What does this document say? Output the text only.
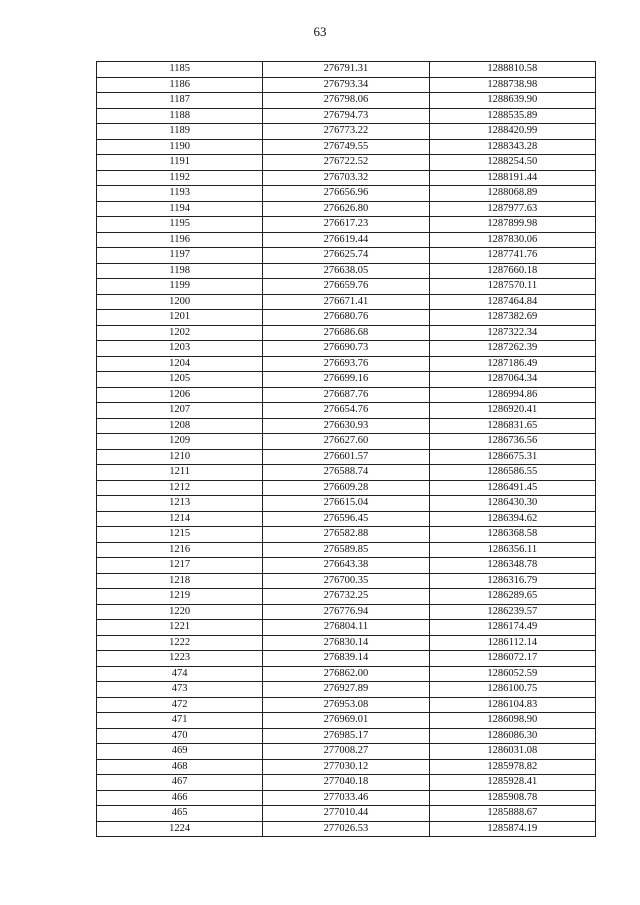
63
1185	276791.31	1288810.58
1186	276793.34	1288738.98
1187	276798.06	1288639.90
1188	276794.73	1288535.89
1189	276773.22	1288420.99
1190	276749.55	1288343.28
1191	276722.52	1288254.50
1192	276703.32	1288191.44
1193	276656.96	1288068.89
1194	276626.80	1287977.63
1195	276617.23	1287899.98
1196	276619.44	1287830.06
1197	276625.74	1287741.76
1198	276638.05	1287660.18
1199	276659.76	1287570.11
1200	276671.41	1287464.84
1201	276680.76	1287382.69
1202	276686.68	1287322.34
1203	276690.73	1287262.39
1204	276693.76	1287186.49
1205	276699.16	1287064.34
1206	276687.76	1286994.86
1207	276654.76	1286920.41
1208	276630.93	1286831.65
1209	276627.60	1286736.56
1210	276601.57	1286675.31
1211	276588.74	1286586.55
1212	276609.28	1286491.45
1213	276615.04	1286430.30
1214	276596.45	1286394.62
1215	276582.88	1286368.58
1216	276589.85	1286356.11
1217	276643.38	1286348.78
1218	276700.35	1286316.79
1219	276732.25	1286289.65
1220	276776.94	1286239.57
1221	276804.11	1286174.49
1222	276830.14	1286112.14
1223	276839.14	1286072.17
474	276862.00	1286052.59
473	276927.89	1286100.75
472	276953.08	1286104.83
471	276969.01	1286098.90
470	276985.17	1286086.30
469	277008.27	1286031.08
468	277030.12	1285978.82
467	277040.18	1285928.41
466	277033.46	1285908.78
465	277010.44	1285888.67
1224	277026.53	1285874.19
